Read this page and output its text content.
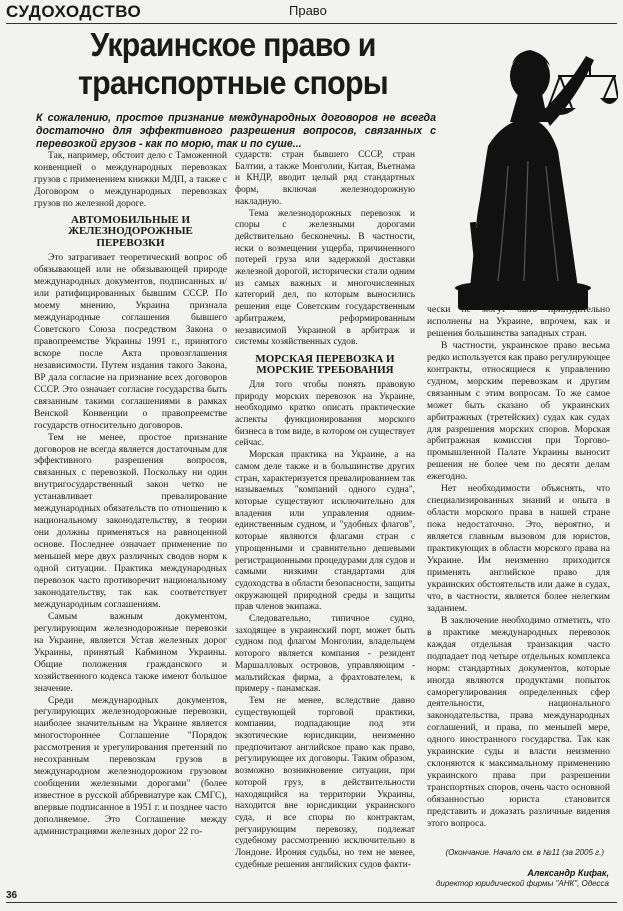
СУДОХОДСТВО	Право
Украинское право и транспортные споры
К сожалению, простое признание международных договоров не всегда достаточно для эффективного разрешения вопросов, связанных с перевозкой грузов - как по морю, так и по суше...

Так, например, обстоит дело с Таможенной конвенцией о международных перевозках грузов с применением книжки МДП, а также с Договором о международных перевозках грузов по железной дороге.

АВТОМОБИЛЬНЫЕ И ЖЕЛЕЗНОДОРОЖНЫЕ ПЕРЕВОЗКИ

Это затрагивает теоретический вопрос об обязывающей или не обязывающей природе международных документов, подписанных и/или ратифицированных бывшим СССР. По моему мнению, Украина признала международные соглашения бывшего Советского Союза посредством Закона о правопреемстве Украины 1991 г., принятого вскоре после Акта провозглашения независимости. Путем издания такого Закона, ВР дала согласие на признание всех договоров СССР. Это означает согласие государства быть связанным такими соглашениями в рамках Венской Конвенции о правопреемстве государств относительно договоров.

Тем не менее, простое признание договоров не всегда является достаточным для эффективного разрешения вопросов, связанных с перевозкой. Поскольку ни один внутригосударственный закон четко не устанавливает превалирование международных обязательств по отношению к национальному законодательству, в теории они должны применяться на равноценной основе. Последнее означает применение по меньшей мере двух различных сводов норм к одной ситуации. Практика международных перевозок часто противоречит национальному законодательству, так как соответствует международным соглашениям.

Самым важным документом, регулирующим железнодорожные перевозки на Украине, является Устав железных дорог Украины, принятый Кабмином Украины. Общие положения гражданского и хозяйственного кодекса также имеют большое значение.

Среди международных документов, регулирующих железнодорожные перевозки, наиболее значительным на Украине является многостороннее Соглашение "Порядок рассмотрения и урегулирования претензий по несохранным перевозкам грузов в международном железнодорожном грузовом сообщении железными дорогами" (более известное в русской аббревиатуре как СМГС), впервые подписанное в 1951 г. и позднее часто дополняемое. Это Соглашение между администрациями железных дорог 22 го-

сударств: стран бывшего СССР, стран Балтии, а также Монголии, Китая, Вьетнама и КНДР, вводит целый ряд стандартных форм, включая железнодорожную накладную.

Тема железнодорожных перевозок и споры с железными дорогами действительно бесконечны. В частности, иски о возмещении ущерба, причиненного потерей груза или задержкой доставки железной дорогой, исторически стали одним из самых важных и многочисленных категорий дел, по которым выносились решения еще Советским государственным арбитражем, реформированным независимой Украиной в арбитраж и системы хозяйственных судов.

МОРСКАЯ ПЕРЕВОЗКА И МОРСКИЕ ТРЕБОВАНИЯ

Для того чтобы понять правовую природу морских перевозок на Украине, необходимо кратко описать практические аспекты функционирования морского бизнеса в том виде, в котором он существует сейчас.

Морская практика на Украине, а на самом деле также и в большинстве других стран, характеризуется превалированием так называемых "компаний одного судна", которые существуют исключительно для владения или управления одним-единственным судном, и "удобных флагов", которые являются флагами стран с упрощенными и сравнительно дешевыми регистрационными процедурами для судов и самыми низкими стандартами для судоходства в области безопасности, защиты окружающей природной среды и защиты прав членов экипажа.

Следовательно, типичное судно, заходящее в украинский порт, может быть судном под флагом Монголии, владельцем которого является компания - резидент Маршалловых островов, управляющим - мальтийская фирма, а фрахтователем, к примеру - панамская.

Тем не менее, вследствие давно существующей торговой практики, компании, подпадающие под эти экзотические юрисдикции, неизменно предпочитают английское право как право, регулирующее их договоры. Таким образом, возможно возникновение ситуации, при которой груз, в действительности находящийся на территории Украины, находится вне юрисдикции украинского суда, и все споры по контрактам, регулирующим перевозку, подлежат судебному рассмотрению исключительно в Лондоне. Ирония судьбы, но тем не менее, судебные решения английских судов факти-

чески не могут быть принудительно исполнены на Украине, впрочем, как и решения большинства западных стран.

В частности, украинское право весьма редко используется как право регулирующее контракты, относящиеся к управлению судном, морским перевозкам и другим связанным с этим вопросам. То же самое может быть сказано об украинских арбитражных (третейских) судах как судах для разрешения морских споров. Морская арбитражная комиссия при Торгово-промышленной Палате Украины выносит решения не более чем по десяти делам ежегодно.

Нет необходимости объяснять, что специализированных знаний и опыта в области морского права в нашей стране пока недостаточно. Это, вероятно, и является главным вызовом для юристов, практикующих в области морского права на Украине. Им неизменно приходится применять английское право для украинских обстоятельств или даже в судах, что, в частности, является более нелегким заданием.

В заключение необходимо отметить, что в практике международных перевозок каждая отдельная транзакция часто подпадает под четыре отдельных комплекса норм: стандартных документов, которые иногда являются продуктами попыток саморегулирования определенных сфер деятельности, национального законодательства, права международных соглашений, и права, по меньшей мере, одного иностранного государства. Так как украинские суды и власти неизменно склоняются к максимальному применению украинского права при разрешении транспортных споров, очень часто основной обязанностью юриста становится представить и доказать различные видения этого вопроса.

(Окончание. Начало см. в №11 (за 2005 г.)
Александр Кифак,
директор юридической фирмы "АНК", Одесса
36
